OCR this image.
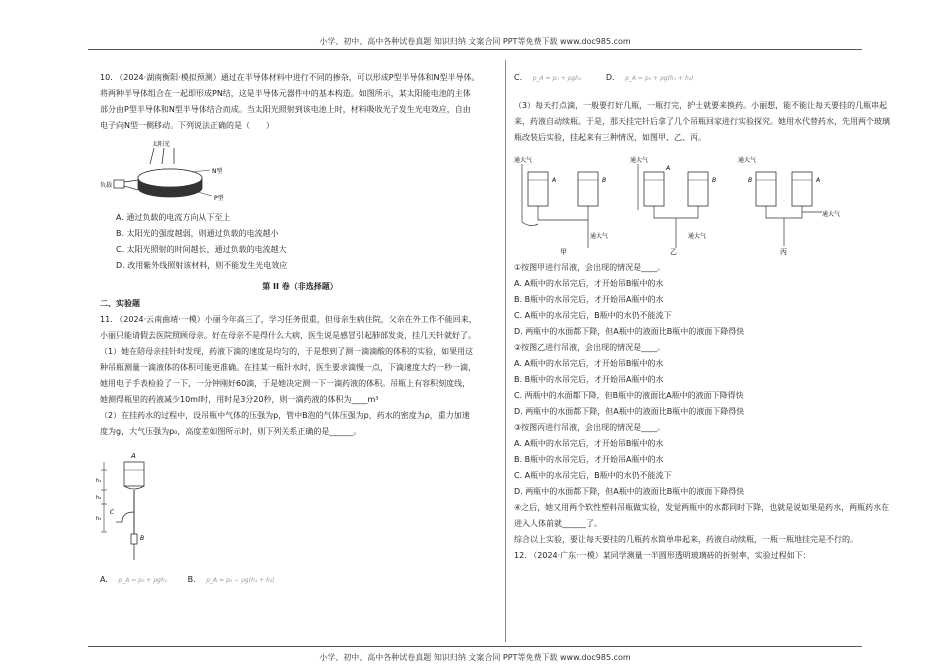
小学、初中、高中各种试卷真题 知识归纳 文案合同 PPT等免费下载 www.doc985.com
小学、初中、高中各种试卷真题 知识归纳 文案合同 PPT等免费下载 www.doc985.com

10. （2024·湖南衡阳·模拟预测）通过在半导体材料中进行不同的掺杂，可以形成P型半导体和N型半导体。

将两种半导体组合在一起即形成PN结，这是半导体元器件中的基本构造。如图所示，某太阳能电池的主体

部分由P型半导体和N型半导体结合而成。当太阳光照射到该电池上时，材料吸收光子发生光电效应，自由

电子向N型一侧移动。下列说法正确的是（　　）

太阳光
N型
P型
负载

A. 通过负载的电流方向从下至上

B. 太阳光的强度越弱，则通过负载的电流越小

C. 太阳光照射的时间越长，通过负载的电流越大

D. 改用紫外线照射该材料，则不能发生光电效应

第 II 卷（非选择题）

二、实验题

11. （2024·云南曲靖·一模）小丽今年高三了，学习任务很重，但母亲生病住院，父亲在外工作不能回来，

小丽只能请假去医院照顾母亲。好在母亲不是得什么大病，医生说是感冒引起肺部发炎，挂几天针就好了。

（1）她在陪母亲挂针时发现，药液下滴的速度是均匀的，于是想到了测一滴滴酸的体积的实验，如果用这

种吊瓶测量一滴液体的体积可能更准确。在挂某一瓶针水时，医生要求滴慢一点，下滴速度大约一秒一滴，

她用电子手表检验了一下，一分钟刚好60滴，于是她决定测一下一滴药液的体积。吊瓶上有容积刻度线，

她测得瓶里的药液减少10ml时，用时是3分20秒，则一滴药液的体积为____m³

（2）在挂药水的过程中，设吊瓶中气体的压强为p，管中B泡的气体压强为p，药水的密度为ρ，重力加速

度为g，大气压强为p₀，高度差如图所示时，则下列关系正确的是______。

A
C
B
h₁
h₂
h₃

A. p_A = p₀ + ρgh₁	B. p_A = p₀ − ρg(h₁ + h₂)

C. p_A = p₀ + ρgh₂	D. p_A = p₀ + ρg(h₁ + h₂)

（3）每天打点滴，一般要打好几瓶，一瓶打完，护士就要来换药。小丽想，能不能让每天要挂的几瓶串起

来，药液自动续瓶。于是，那天挂完针后拿了几个吊瓶回家进行实验探究。她用水代替药水，先用两个玻璃

瓶改装后实验，挂起来有三种情况，如图甲、乙、丙。

通大气
A	B
通大气
甲
通大气
A
B
通大气
乙
通大气
B	A
通大气
丙

①按图甲进行吊液，会出现的情况是____。

A. A瓶中的水吊完后，才开始吊B瓶中的水

B. B瓶中的水吊完后，才开始吊A瓶中的水

C. A瓶中的水吊完后，B瓶中的水仍不能流下

D. 两瓶中的水面都下降，但A瓶中的液面比B瓶中的液面下降得快

②按图乙进行吊液，会出现的情况是____。

A. A瓶中的水吊完后，才开始吊B瓶中的水

B. B瓶中的水吊完后，才开始吊A瓶中的水

C. 两瓶中的水面都下降，但B瓶中的液面比A瓶中的液面下降得快

D. 两瓶中的水面都下降，但A瓶中的液面比B瓶中的液面下降得快

③按图丙进行吊液，会出现的情况是____。

A. A瓶中的水吊完后，才开始吊B瓶中的水

B. B瓶中的水吊完后，才开始吊A瓶中的水

C. A瓶中的水吊完后，B瓶中的水仍不能流下

D. 两瓶中的水面都下降，但A瓶中的液面比B瓶中的液面下降得快

④之后，她又用两个软性塑料吊瓶做实验，发觉两瓶中的水都同时下降，也就是说如果是药水，两瓶药水在

进入人体前就______了。

综合以上实验，要让每天要挂的几瓶药水简单串起来，药液自动续瓶，一瓶一瓶地挂完是不行的。

12. （2024·广东·一模）某同学测量一半圆形透明玻璃砖的折射率，实验过程如下：
